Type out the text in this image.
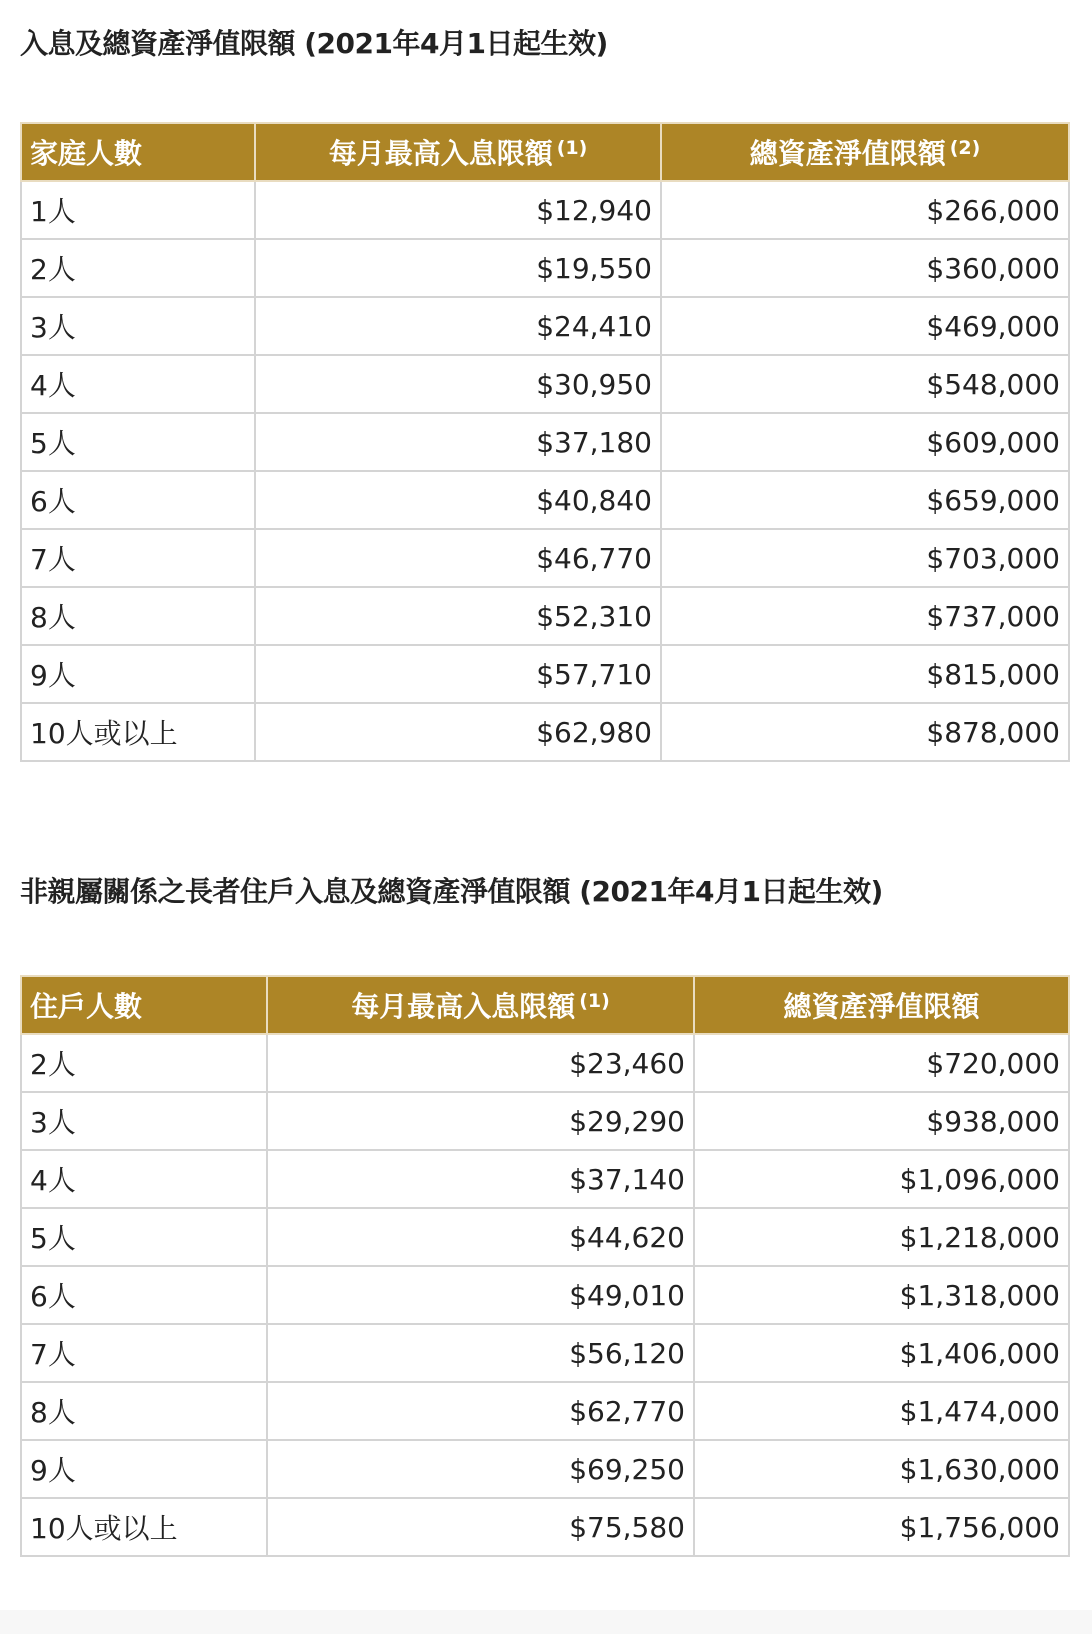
入息及總資產淨值限額 (2021年4月1日起生效)
家庭人數	每月最高入息限額 $^{(1)}$	總資產淨值限額 $^{(2)}$
1人	$12,940	$266,000
2人	$19,550	$360,000
3人	$24,410	$469,000
4人	$30,950	$548,000
5人	$37,180	$609,000
6人	$40,840	$659,000
7人	$46,770	$703,000
8人	$52,310	$737,000
9人	$57,710	$815,000
10人或以上	$62,980	$878,000
非親屬關係之長者住戶入息及總資產淨值限額 (2021年4月1日起生效)
住戶人數	每月最高入息限額 $^{(1)}$	總資產淨值限額
2人	$23,460	$720,000
3人	$29,290	$938,000
4人	$37,140	$1,096,000
5人	$44,620	$1,218,000
6人	$49,010	$1,318,000
7人	$56,120	$1,406,000
8人	$62,770	$1,474,000
9人	$69,250	$1,630,000
10人或以上	$75,580	$1,756,000
